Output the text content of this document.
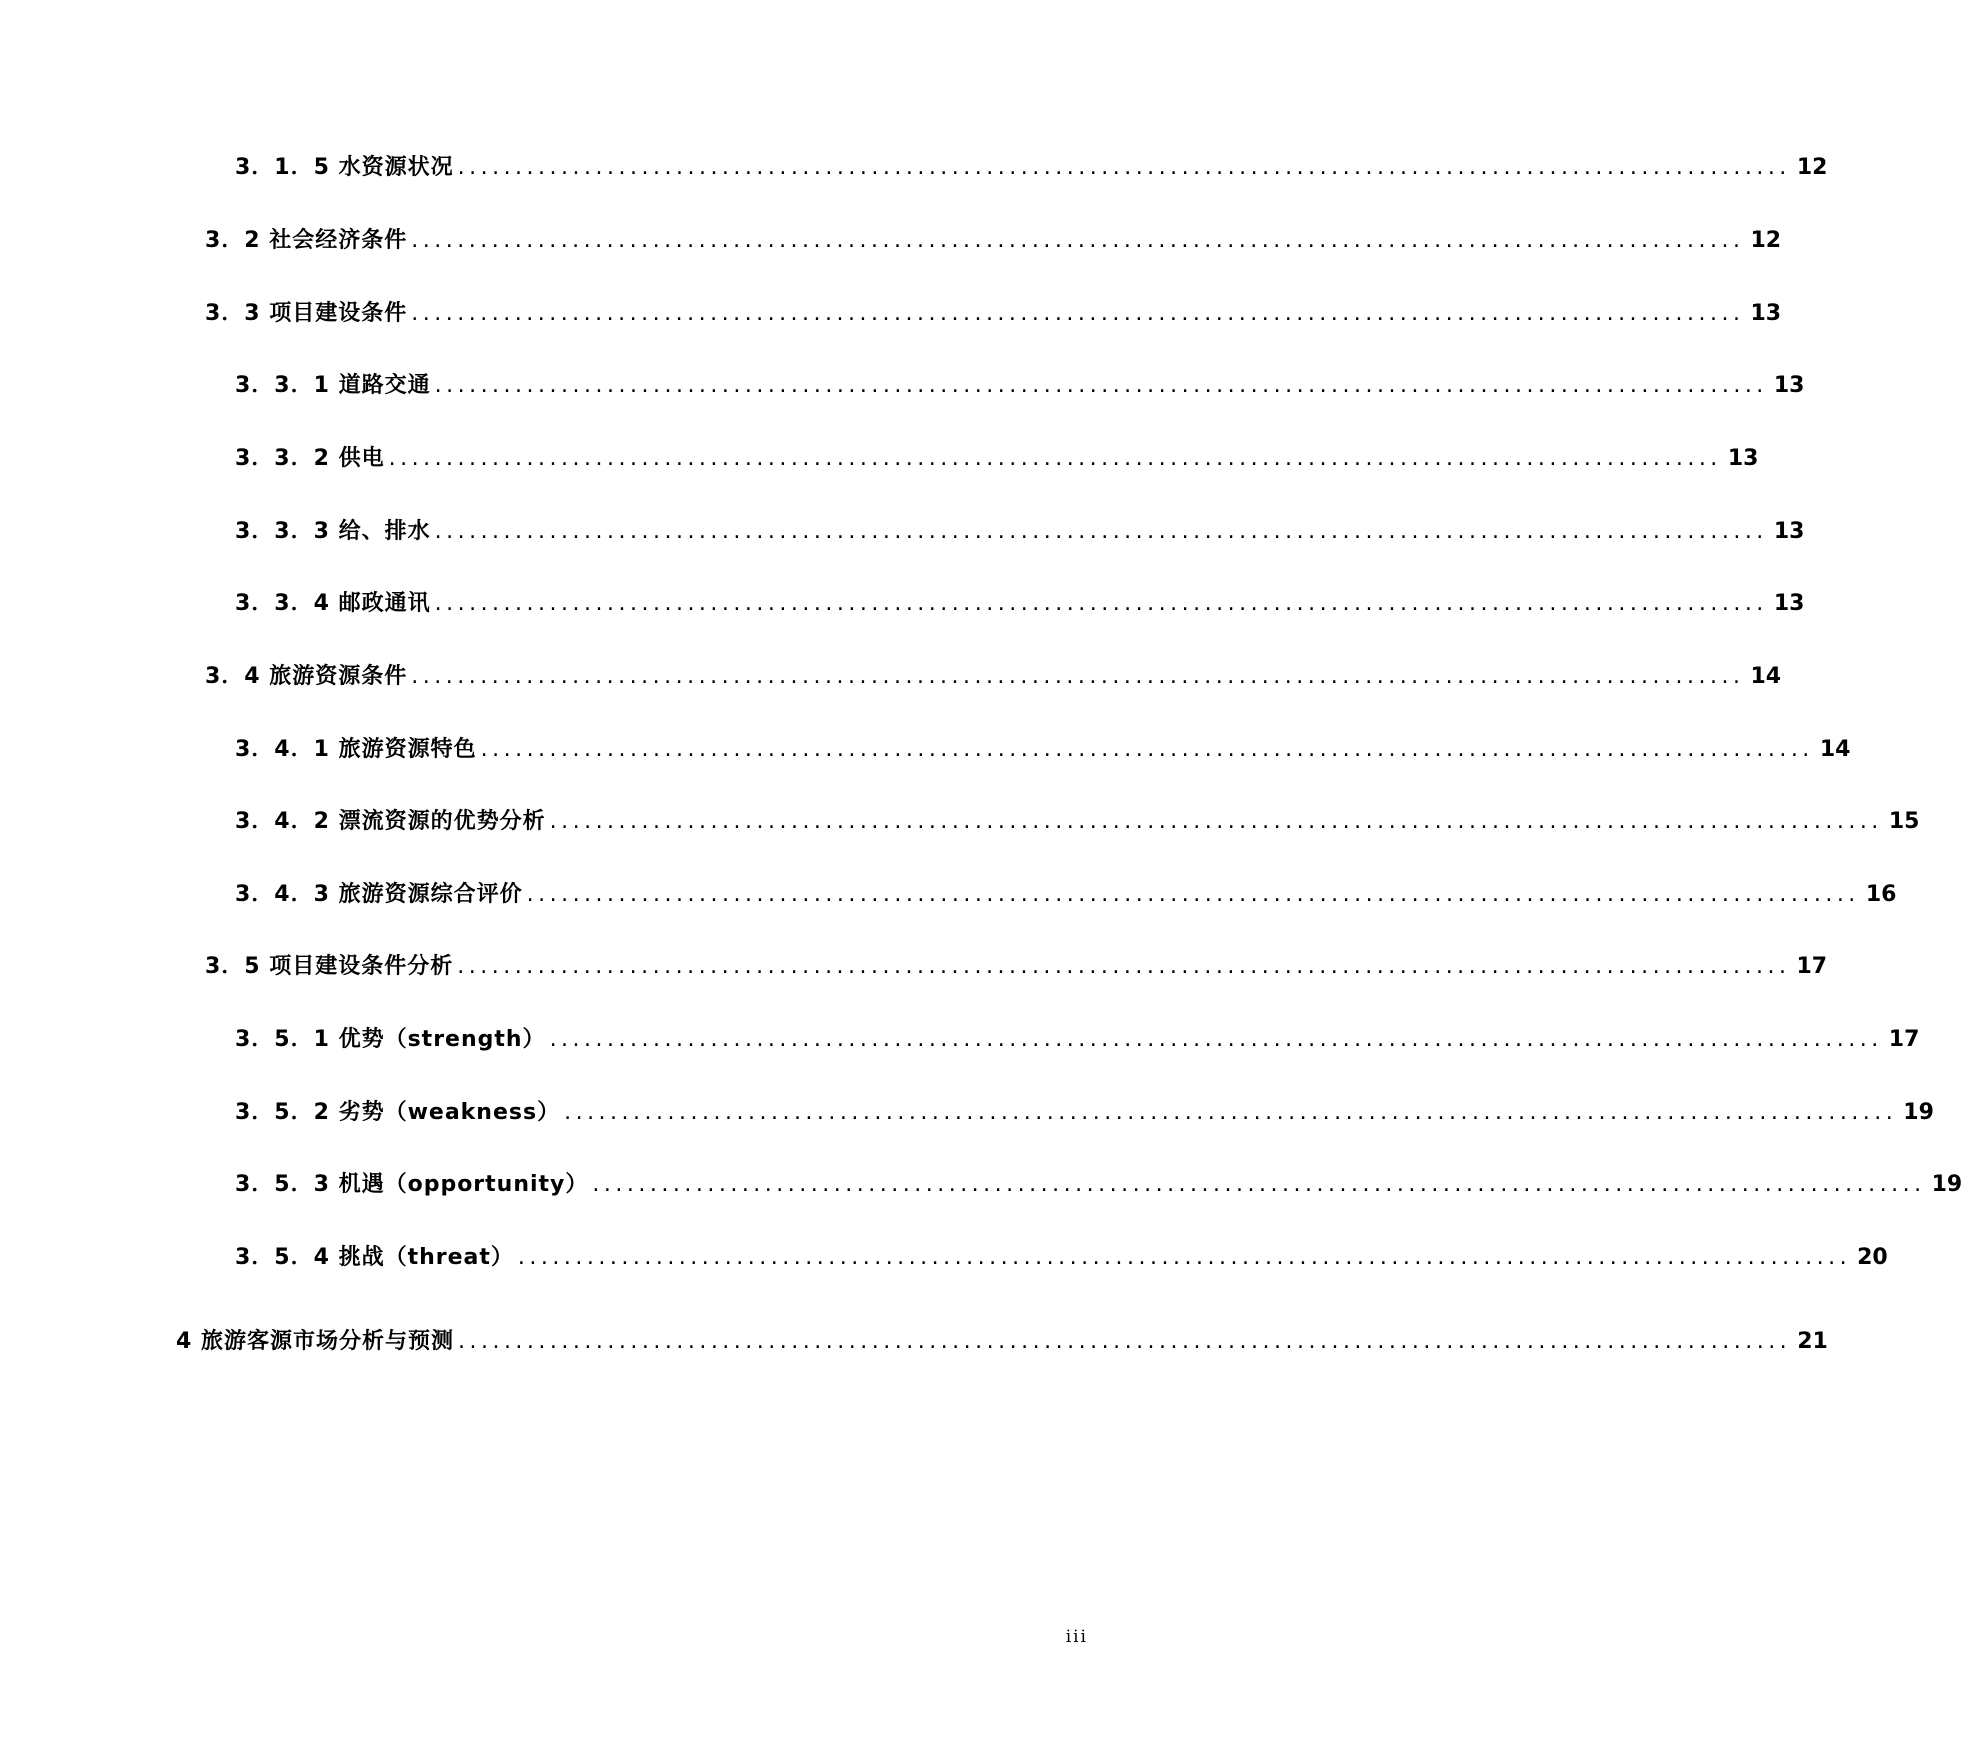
3．1．5 水资源状况 .................................................................................................................... 12
3．2 社会经济条件 .................................................................................................................... 12
3．3 项目建设条件 .................................................................................................................... 13
3．3．1 道路交通 .................................................................................................................... 13
3．3．2 供电 .................................................................................................................... 13
3．3．3 给、排水 .................................................................................................................... 13
3．3．4 邮政通讯 .................................................................................................................... 13
3．4 旅游资源条件 .................................................................................................................... 14
3．4．1 旅游资源特色 .................................................................................................................... 14
3．4．2 漂流资源的优势分析 .................................................................................................................... 15
3．4．3 旅游资源综合评价 .................................................................................................................... 16
3．5 项目建设条件分析 .................................................................................................................... 17
3．5．1 优势（strength） .................................................................................................................... 17
3．5．2 劣势（weakness） .................................................................................................................... 19
3．5．3 机遇（opportunity） .................................................................................................................... 19
3．5．4 挑战（threat） .................................................................................................................... 20
4 旅游客源市场分析与预测 .................................................................................................................... 21
iii
